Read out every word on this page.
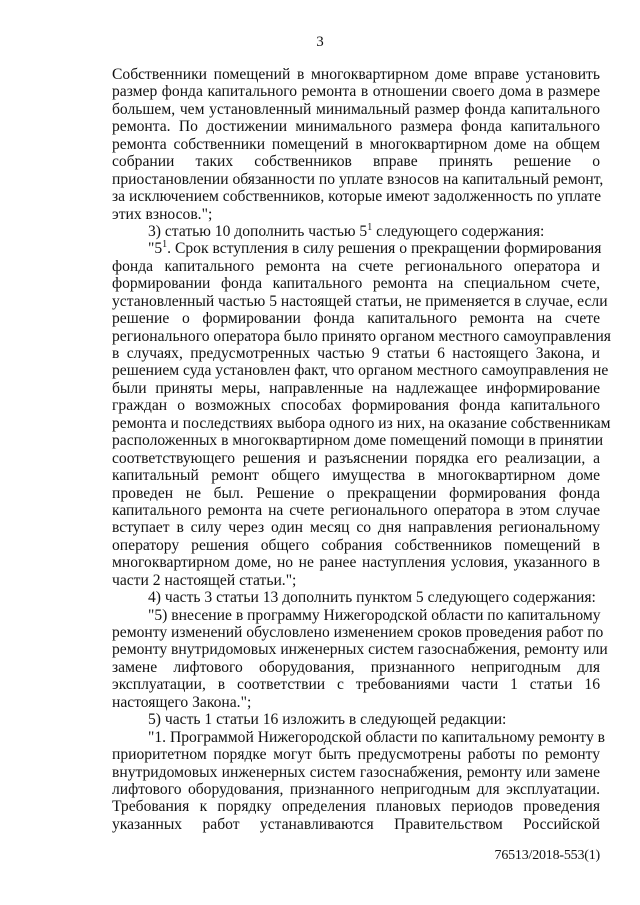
3
Собственники помещений в многоквартирном доме вправе установить
размер фонда капитального ремонта в отношении своего дома в размере
большем, чем установленный минимальный размер фонда капитального
ремонта. По достижении минимального размера фонда капитального
ремонта собственники помещений в многоквартирном доме на общем
собрании таких собственников вправе принять решение о
приостановлении обязанности по уплате взносов на капитальный ремонт,
за исключением собственников, которые имеют задолженность по уплате
этих взносов.";
3) статью 10 дополнить частью $5^1$ следующего содержания:
"$5^1$. Срок вступления в силу решения о прекращении формирования
фонда капитального ремонта на счете регионального оператора и
формировании фонда капитального ремонта на специальном счете,
установленный частью 5 настоящей статьи, не применяется в случае, если
решение о формировании фонда капитального ремонта на счете
регионального оператора было принято органом местного самоуправления
в случаях, предусмотренных частью 9 статьи 6 настоящего Закона, и
решением суда установлен факт, что органом местного самоуправления не
были приняты меры, направленные на надлежащее информирование
граждан о возможных способах формирования фонда капитального
ремонта и последствиях выбора одного из них, на оказание собственникам
расположенных в многоквартирном доме помещений помощи в принятии
соответствующего решения и разъяснении порядка его реализации, а
капитальный ремонт общего имущества в многоквартирном доме
проведен не был. Решение о прекращении формирования фонда
капитального ремонта на счете регионального оператора в этом случае
вступает в силу через один месяц со дня направления региональному
оператору решения общего собрания собственников помещений в
многоквартирном доме, но не ранее наступления условия, указанного в
части 2 настоящей статьи.";
4) часть 3 статьи 13 дополнить пунктом 5 следующего содержания:
"5) внесение в программу Нижегородской области по капитальному
ремонту изменений обусловлено изменением сроков проведения работ по
ремонту внутридомовых инженерных систем газоснабжения, ремонту или
замене лифтового оборудования, признанного непригодным для
эксплуатации, в соответствии с требованиями части 1 статьи 16
настоящего Закона.";
5) часть 1 статьи 16 изложить в следующей редакции:
"1. Программой Нижегородской области по капитальному ремонту в
приоритетном порядке могут быть предусмотрены работы по ремонту
внутридомовых инженерных систем газоснабжения, ремонту или замене
лифтового оборудования, признанного непригодным для эксплуатации.
Требования к порядку определения плановых периодов проведения
указанных работ устанавливаются Правительством Российской
76513/2018-553(1)
